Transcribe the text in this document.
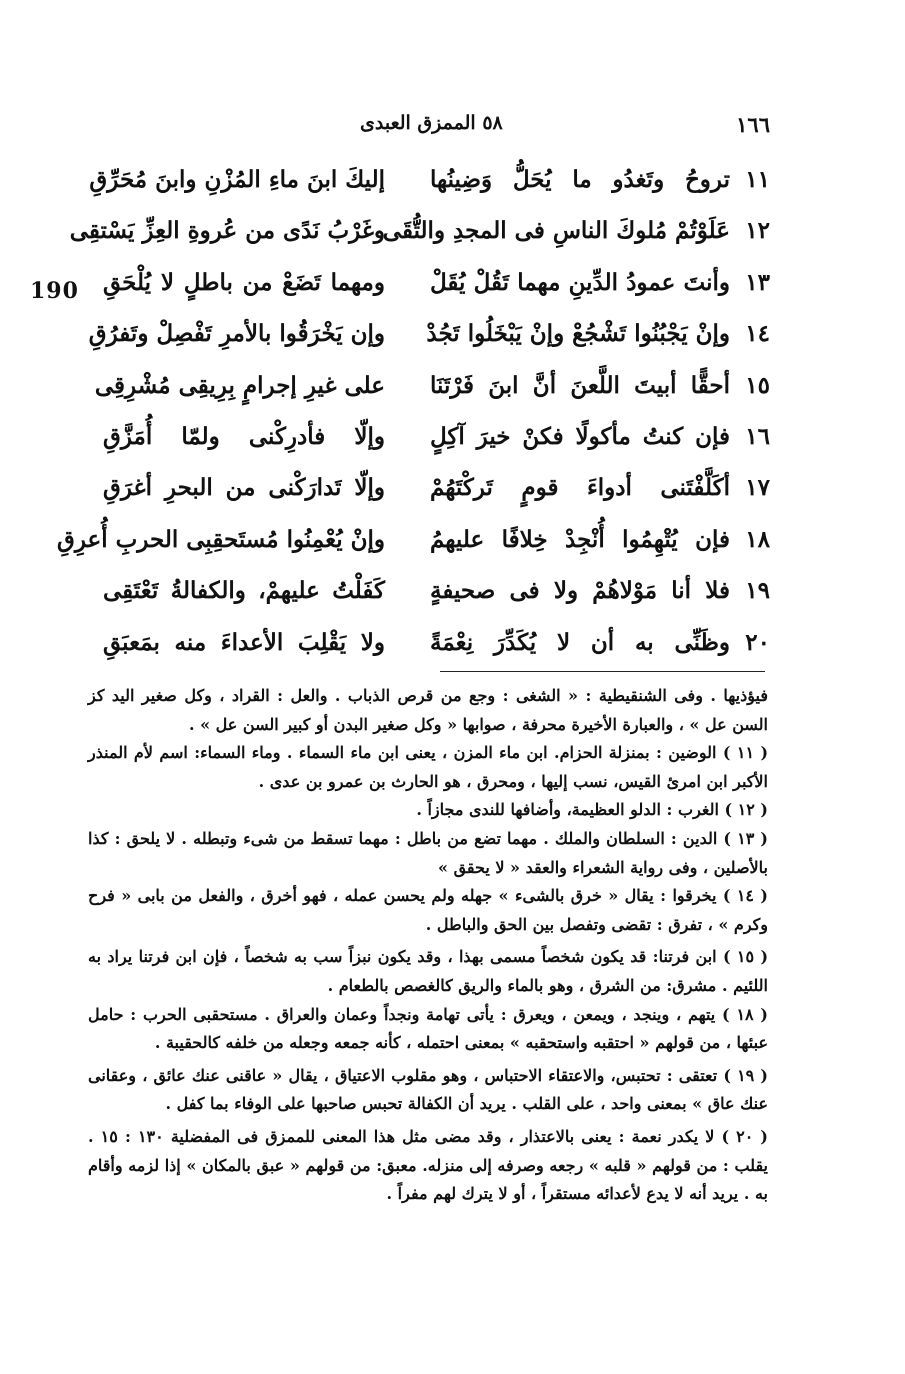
١٦٦
٥٨ الممزق العبدى
190
١١
تروحُ وتَغدُو ما يُحَلُّ وَضِينُها
إليكَ ابنَ ماءِ المُزْنِ وابنَ مُحَرِّقِ
١٢
عَلَوْتُمْ مُلوكَ الناسِ فى المجدِ والتُّقَى
وغَرْبُ نَدًى من عُروةِ العِزِّ يَسْتقِى
١٣
وأنتَ عمودُ الدِّينِ مهما تَقُلْ يُقَلْ
ومهما تَضَعْ من باطلٍ لا يُلْحَقِ
١٤
وإنْ يَجْبُنُوا تَشْجُعْ وإنْ يَبْخَلُوا تَجُدْ
وإن يَخْرَقُوا بالأمرِ تَفْصِلْ وتَفرُقِ
١٥
أحقًّا أبيتَ اللَّعنَ أنَّ ابنَ فَرْتَنَا
على غيرِ إجرامٍ بِرِيقِى مُشْرِقِى
١٦
فإن كنتُ مأكولًا فكنْ خيرَ آكِلٍ
وإلّا فأدرِكْنى ولمّا أُمَزَّقِ
١٧
أكَلَّفْتَنى أدواءَ قومٍ تَركْتَهُمْ
وإلّا تَدارَكْنى من البحرِ أغرَقِ
١٨
فإن يُتْهِمُوا أُنْجِدْ خِلافًا عليهمُ
وإنْ يُعْمِنُوا مُستَحقِبِى الحربِ أُعرِقِ
١٩
فلا أنا مَوْلاهُمْ ولا فى صحيفةٍ
كَفَلْتُ عليهمْ، والكفالةُ تَعْتَقِى
٢٠
وظَنِّى به أن لا يُكَدِّرَ نِعْمَةً
ولا يَقْلِبَ الأعداءَ منه بمَعبَقِ

فيؤذيها . وفى الشنقيطية : « الشغى : وجع من قرص الذباب . والعل : القراد ، وكل صغير اليد كز السن عل » ، والعبارة الأخيرة محرفة ، صوابها « وكل صغير البدن أو كبير السن عل » .

( ١١ ) الوضين : بمنزلة الحزام. ابن ماء المزن ، يعنى ابن ماء السماء . وماء السماء: اسم لأم المنذر الأكبر ابن امرئ القيس، نسب إليها ، ومحرق ، هو الحارث بن عمرو بن عدى .

( ١٢ ) الغرب : الدلو العظيمة، وأضافها للندى مجازاً .

( ١٣ ) الدين : السلطان والملك . مهما تضع من باطل : مهما تسقط من شىء وتبطله . لا يلحق : كذا بالأصلين ، وفى رواية الشعراء والعقد « لا يحقق »

( ١٤ ) يخرقوا : يقال « خرق بالشىء » جهله ولم يحسن عمله ، فهو أخرق ، والفعل من بابى « فرح وكرم » ، تفرق : تقضى وتفصل بين الحق والباطل .

( ١٥ ) ابن فرتنا: قد يكون شخصاً مسمى بهذا ، وقد يكون نبزاً سب به شخصاً ، فإن ابن فرتنا يراد به اللئيم . مشرق: من الشرق ، وهو بالماء والريق كالغصص بالطعام .

( ١٨ ) يتهم ، وينجد ، ويمعن ، ويعرق : يأتى تهامة ونجداً وعمان والعراق . مستحقبى الحرب : حامل عبئها ، من قولهم « احتقبه واستحقبه » بمعنى احتمله ، كأنه جمعه وجعله من خلفه كالحقيبة .

( ١٩ ) تعتقى : تحتبس، والاعتقاء الاحتباس ، وهو مقلوب الاعتياق ، يقال « عاقنى عنك عائق ، وعقانى عنك عاق » بمعنى واحد ، على القلب . يريد أن الكفالة تحبس صاحبها على الوفاء بما كفل .

( ٢٠ ) لا يكدر نعمة : يعنى بالاعتذار ، وقد مضى مثل هذا المعنى للممزق فى المفضلية ١٣٠ : ١٥ . يقلب : من قولهم « قلبه » رجعه وصرفه إلى منزله. معبق: من قولهم « عبق بالمكان » إذا لزمه وأقام به . يريد أنه لا يدع لأعدائه مستقراً ، أو لا يترك لهم مفراً .
